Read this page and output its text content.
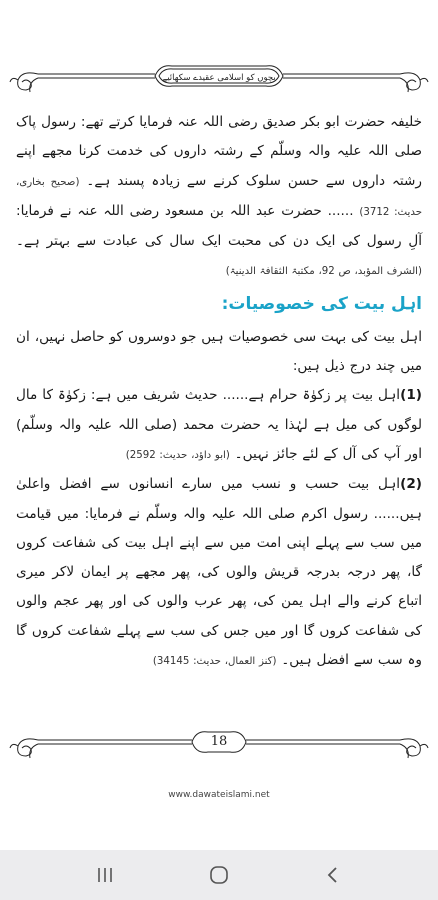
بچوں کو اسلامی عقیدے سکھائیے

خلیفہ حضرت ابو بکر صدیق رضی اللہ عنہ فرمایا کرتے تھے: رسول پاک صلی اللہ علیہ والہ وسلّم کے رشتہ داروں کی خدمت کرنا مجھے اپنے رشتہ داروں سے حسن سلوک کرنے سے زیادہ پسند ہے۔ (صحیح بخاری، حدیث: 3712) ...... حضرت عبد اللہ بن مسعود رضی اللہ عنہ نے فرمایا: آلِ رسول کی ایک دن کی محبت ایک سال کی عبادت سے بہتر ہے۔ (الشرف المؤبد، ص 92، مکتبۃ الثقافۃ الدینیۃ)

اہل بیت کی خصوصیات:

اہل بیت کی بہت سی خصوصیات ہیں جو دوسروں کو حاصل نہیں، ان میں چند درج ذیل ہیں:

(1)اہل بیت پر زکوٰۃ حرام ہے...... حدیث شریف میں ہے: زکوٰۃ کا مال لوگوں کی میل ہے لہٰذا یہ حضرت محمد (صلی اللہ علیہ والہ وسلّم) اور آپ کی آل کے لئے جائز نہیں۔ (ابو داؤد، حدیث: 2592)

(2)اہل بیت حسب و نسب میں سارے انسانوں سے افضل واعلیٰ ہیں...... رسول اکرم صلی اللہ علیہ والہ وسلّم نے فرمایا: میں قیامت میں سب سے پہلے اپنی امت میں سے اپنے اہل بیت کی شفاعت کروں گا، پھر درجہ بدرجہ قریش والوں کی، پھر مجھے پر ایمان لاکر میری اتباع کرنے والے اہل یمن کی، پھر عرب والوں کی اور پھر عجم والوں کی شفاعت کروں گا اور میں جس کی سب سے پہلے شفاعت کروں گا وہ سب سے افضل ہیں۔ (کنز العمال، حدیث: 34145)

18
www.dawateislami.net
